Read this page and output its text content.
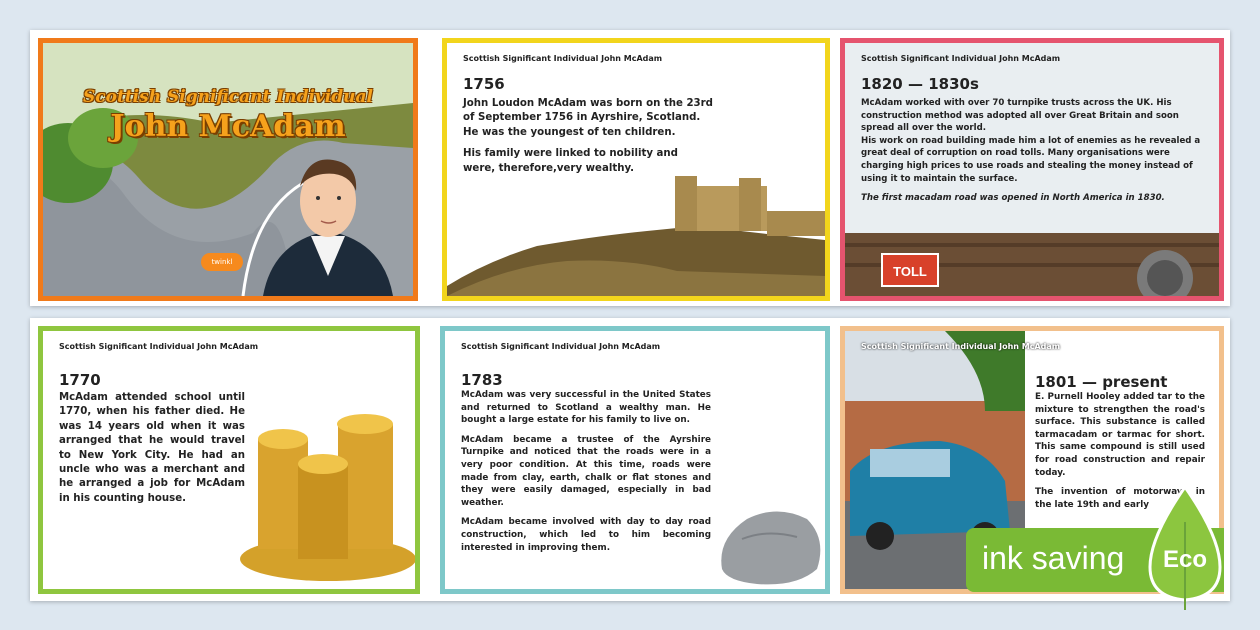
Scottish Significant Individual
John McAdam
twinkl
Scottish Significant Individual John McAdam
1756

John Loudon McAdam was born on the 23rd of September 1756 in Ayrshire, Scotland. He was the youngest of ten children.

His family were linked to nobility and were, therefore,very wealthy.

Scottish Significant Individual John McAdam
1820 — 1830s

McAdam worked with over 70 turnpike trusts across the UK. His construction method was adopted all over Great Britain and soon spread all over the world.

His work on road building made him a lot of enemies as he revealed a great deal of corruption on road tolls. Many organisations were charging high prices to use roads and stealing the money instead of using it to maintain the surface.

The first macadam road was opened in North America in 1830.

TOLL
Scottish Significant Individual John McAdam
1770

McAdam attended school until 1770, when his father died. He was 14 years old when it was arranged that he would travel to New York City. He had an uncle who was a merchant and he arranged a job for McAdam in his counting house.

Scottish Significant Individual John McAdam
1783

McAdam was very successful in the United States and returned to Scotland a wealthy man. He bought a large estate for his family to live on.

McAdam became a trustee of the Ayrshire Turnpike and noticed that the roads were in a very poor condition. At this time, roads were made from clay, earth, chalk or flat stones and they were easily damaged, especially in bad weather.

McAdam became involved with day to day road construction, which led to him becoming interested in improving them.

Scottish Significant Individual John McAdam
1801 — present

E. Purnell Hooley added tar to the mixture to strengthen the road's surface. This substance is called tarmacadam or tarmac for short. This same compound is still used for road construction and repair today.

The invention of motorways in the late 19th and early

ink saving	Eco
